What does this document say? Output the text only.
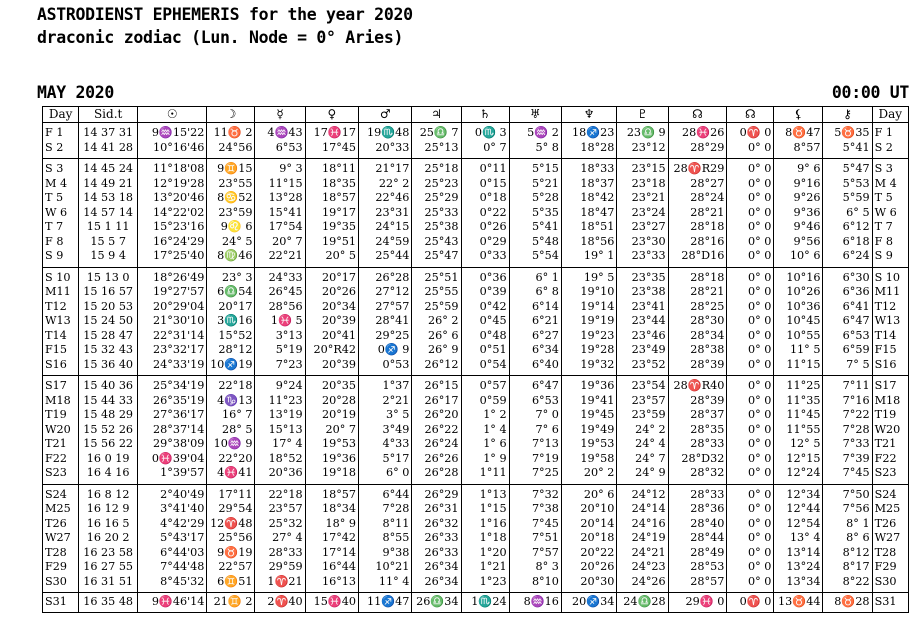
ASTRODIENST EPHEMERIS for the year 2020
draconic zodiac (Lun. Node = 0° Aries)
MAY 2020	00:00 UT
Day	Sid.t	☉	☽	☿	♀	♂	♃	♄	♅	♆	♇	☊	☊	⚸	⚷	Day
F 1	14 37 31	9♒15'22	11♉ 2	4♒43	17♓17	19♏48	25♎ 7	0♏ 3	5♒ 2	18♐23	23♎ 9	28♓26	0♈ 0	8♉47	5♉35	F 1
S 2	14 41 28	10°16'46	24°56	6°53	17°45	20°33	25°13	0° 7	5° 8	18°28	23°12	28°29	0° 0	8°57	5°41	S 2
S 3	14 45 24	11°18'08	9♊15	9° 3	18°11	21°17	25°18	0°11	5°15	18°33	23°15	28♈R29	0° 0	9° 6	5°47	S 3
M 4	14 49 21	12°19'28	23°55	11°15	18°35	22° 2	25°23	0°15	5°21	18°37	23°18	28°27	0° 0	9°16	5°53	M 4
T 5	14 53 18	13°20'46	8♋52	13°28	18°57	22°46	25°29	0°18	5°28	18°42	23°21	28°24	0° 0	9°26	5°59	T 5
W 6	14 57 14	14°22'02	23°59	15°41	19°17	23°31	25°33	0°22	5°35	18°47	23°24	28°21	0° 0	9°36	6° 5	W 6
T 7	15 1 11	15°23'16	9♌ 6	17°54	19°35	24°15	25°38	0°26	5°41	18°51	23°27	28°18	0° 0	9°46	6°12	T 7
F 8	15 5 7	16°24'29	24° 5	20° 7	19°51	24°59	25°43	0°29	5°48	18°56	23°30	28°16	0° 0	9°56	6°18	F 8
S 9	15 9 4	17°25'40	8♍46	22°21	20° 5	25°44	25°47	0°33	5°54	19° 1	23°33	28°D16	0° 0	10° 6	6°24	S 9
S 10	15 13 0	18°26'49	23° 3	24°33	20°17	26°28	25°51	0°36	6° 1	19° 5	23°35	28°18	0° 0	10°16	6°30	S 10
M11	15 16 57	19°27'57	6♎54	26°45	20°26	27°12	25°55	0°39	6° 8	19°10	23°38	28°21	0° 0	10°26	6°36	M11
T12	15 20 53	20°29'04	20°17	28°56	20°34	27°57	25°59	0°42	6°14	19°14	23°41	28°25	0° 0	10°36	6°41	T12
W13	15 24 50	21°30'10	3♏16	1♓ 5	20°39	28°41	26° 2	0°45	6°21	19°19	23°44	28°30	0° 0	10°45	6°47	W13
T14	15 28 47	22°31'14	15°52	3°13	20°41	29°25	26° 6	0°48	6°27	19°23	23°46	28°34	0° 0	10°55	6°53	T14
F15	15 32 43	23°32'17	28°12	5°19	20°R42	0♐ 9	26° 9	0°51	6°34	19°28	23°49	28°38	0° 0	11° 5	6°59	F15
S16	15 36 40	24°33'19	10♐19	7°23	20°39	0°53	26°12	0°54	6°40	19°32	23°52	28°39	0° 0	11°15	7° 5	S16
S17	15 40 36	25°34'19	22°18	9°24	20°35	1°37	26°15	0°57	6°47	19°36	23°54	28♈R40	0° 0	11°25	7°11	S17
M18	15 44 33	26°35'19	4♑13	11°23	20°28	2°21	26°17	0°59	6°53	19°41	23°57	28°39	0° 0	11°35	7°16	M18
T19	15 48 29	27°36'17	16° 7	13°19	20°19	3° 5	26°20	1° 2	7° 0	19°45	23°59	28°37	0° 0	11°45	7°22	T19
W20	15 52 26	28°37'14	28° 5	15°13	20° 7	3°49	26°22	1° 4	7° 6	19°49	24° 2	28°35	0° 0	11°55	7°28	W20
T21	15 56 22	29°38'09	10♒ 9	17° 4	19°53	4°33	26°24	1° 6	7°13	19°53	24° 4	28°33	0° 0	12° 5	7°33	T21
F22	16 0 19	0♓39'04	22°20	18°52	19°36	5°17	26°26	1° 9	7°19	19°58	24° 7	28°D32	0° 0	12°15	7°39	F22
S23	16 4 16	1°39'57	4♓41	20°36	19°18	6° 0	26°28	1°11	7°25	20° 2	24° 9	28°32	0° 0	12°24	7°45	S23
S24	16 8 12	2°40'49	17°11	22°18	18°57	6°44	26°29	1°13	7°32	20° 6	24°12	28°33	0° 0	12°34	7°50	S24
M25	16 12 9	3°41'40	29°54	23°57	18°34	7°28	26°31	1°15	7°38	20°10	24°14	28°36	0° 0	12°44	7°56	M25
T26	16 16 5	4°42'29	12♈48	25°32	18° 9	8°11	26°32	1°16	7°45	20°14	24°16	28°40	0° 0	12°54	8° 1	T26
W27	16 20 2	5°43'17	25°56	27° 4	17°42	8°55	26°33	1°18	7°51	20°18	24°19	28°44	0° 0	13° 4	8° 6	W27
T28	16 23 58	6°44'03	9♉19	28°33	17°14	9°38	26°33	1°20	7°57	20°22	24°21	28°49	0° 0	13°14	8°12	T28
F29	16 27 55	7°44'48	22°57	29°59	16°44	10°21	26°34	1°21	8° 3	20°26	24°23	28°53	0° 0	13°24	8°17	F29
S30	16 31 51	8°45'32	6♊51	1♈21	16°13	11° 4	26°34	1°23	8°10	20°30	24°26	28°57	0° 0	13°34	8°22	S30
S31	16 35 48	9♓46'14	21♊ 2	2♈40	15♓40	11♐47	26♎34	1♏24	8♒16	20♐34	24♎28	29♓ 0	0♈ 0	13♉44	8♉28	S31
